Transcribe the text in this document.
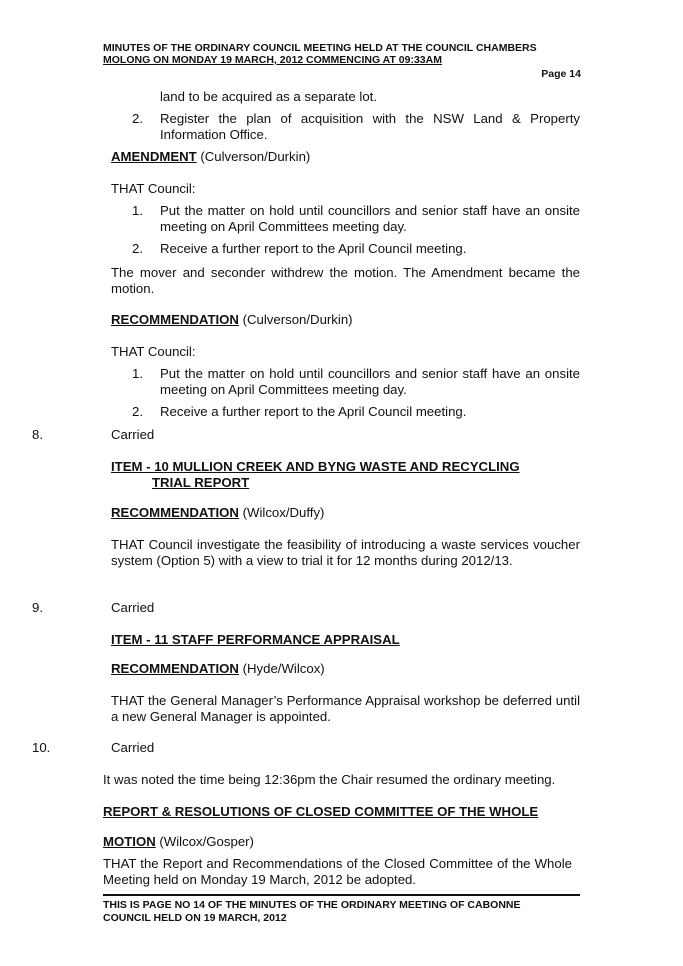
MINUTES OF THE ORDINARY COUNCIL MEETING HELD AT THE COUNCIL CHAMBERS
MOLONG ON MONDAY 19 MARCH, 2012 COMMENCING AT 09:33AM
Page 14
land to be acquired as a separate lot.
2. Register the plan of acquisition with the NSW Land & Property Information Office.
AMENDMENT (Culverson/Durkin)
THAT Council:
1. Put the matter on hold until councillors and senior staff have an onsite meeting on April Committees meeting day.
2. Receive a further report to the April Council meeting.
The mover and seconder withdrew the motion. The Amendment became the motion.
RECOMMENDATION (Culverson/Durkin)
THAT Council:
1. Put the matter on hold until councillors and senior staff have an onsite meeting on April Committees meeting day.
2. Receive a further report to the April Council meeting.
8.	Carried
ITEM - 10 MULLION CREEK AND BYNG WASTE AND RECYCLING
TRIAL REPORT
RECOMMENDATION (Wilcox/Duffy)
THAT Council investigate the feasibility of introducing a waste services voucher system (Option 5) with a view to trial it for 12 months during 2012/13.
9.	Carried
ITEM - 11 STAFF PERFORMANCE APPRAISAL
RECOMMENDATION (Hyde/Wilcox)
THAT the General Manager’s Performance Appraisal workshop be deferred until a new General Manager is appointed.
10.	Carried
It was noted the time being 12:36pm the Chair resumed the ordinary meeting.
REPORT & RESOLUTIONS OF CLOSED COMMITTEE OF THE WHOLE
MOTION (Wilcox/Gosper)
THAT the Report and Recommendations of the Closed Committee of the Whole Meeting held on Monday 19 March, 2012 be adopted.
THIS IS PAGE NO 14 OF THE MINUTES OF THE ORDINARY MEETING OF CABONNE
COUNCIL HELD ON 19 MARCH, 2012
